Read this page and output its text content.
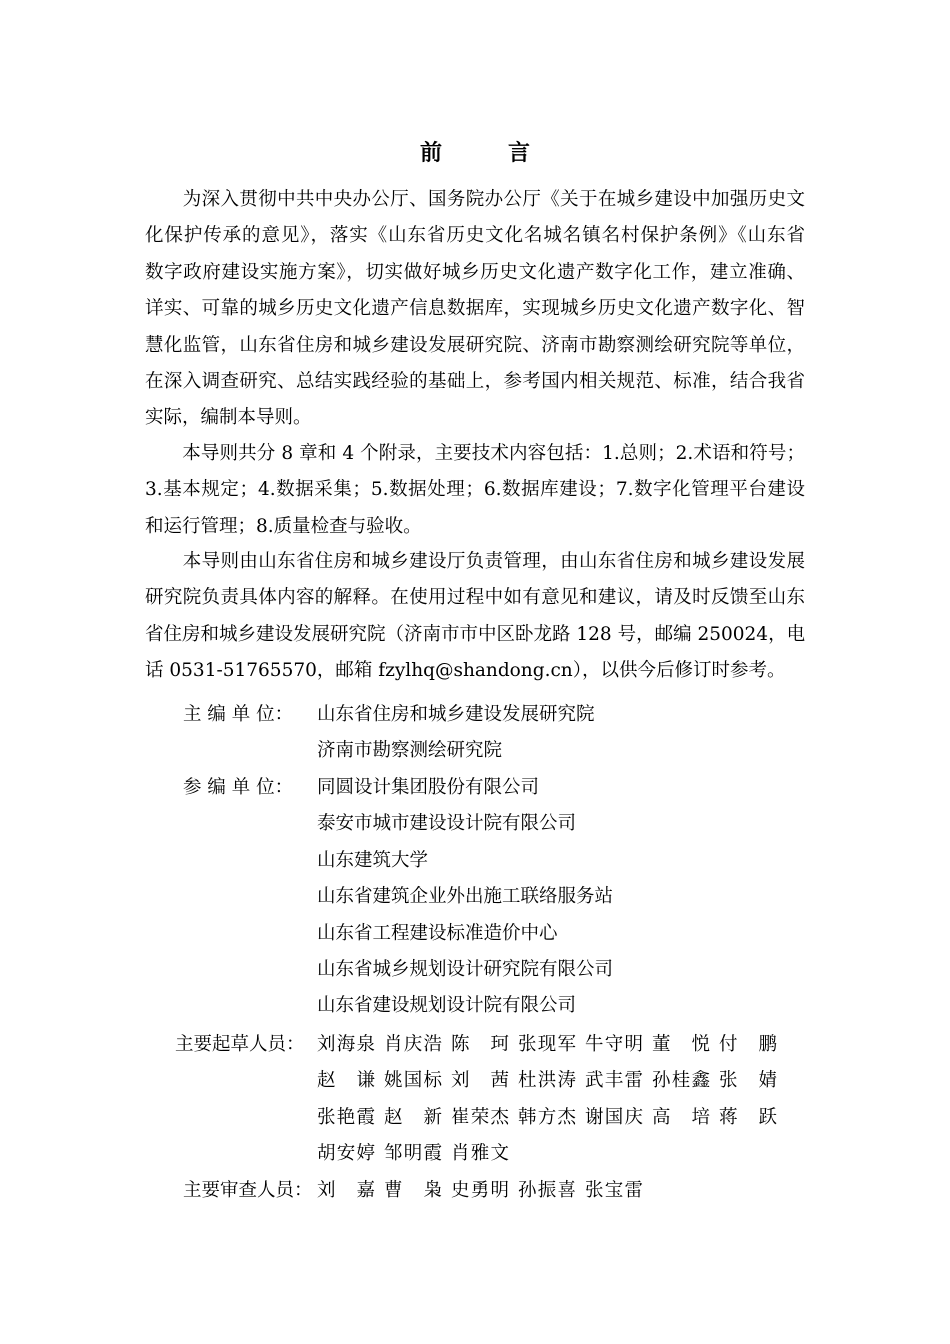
前　言
　　为深入贯彻中共中央办公厅、国务院办公厅《关于在城乡建设中加强历史文
化保护传承的意见》，落实《山东省历史文化名城名镇名村保护条例》《山东省
数字政府建设实施方案》，切实做好城乡历史文化遗产数字化工作，建立准确、
详实、可靠的城乡历史文化遗产信息数据库，实现城乡历史文化遗产数字化、智
慧化监管，山东省住房和城乡建设发展研究院、济南市勘察测绘研究院等单位，
在深入调查研究、总结实践经验的基础上，参考国内相关规范、标准，结合我省
实际，编制本导则。
　　本导则共分 8 章和 4 个附录，主要技术内容包括：1.总则；2.术语和符号；
3.基本规定；4.数据采集；5.数据处理；6.数据库建设；7.数字化管理平台建设
和运行管理；8.质量检查与验收。
　　本导则由山东省住房和城乡建设厅负责管理，由山东省住房和城乡建设发展
研究院负责具体内容的解释。在使用过程中如有意见和建议，请及时反馈至山东
省住房和城乡建设发展研究院（济南市市中区卧龙路 128 号，邮编 250024，电
话 0531-51765570，邮箱 fzylhq@shandong.cn），以供今后修订时参考。
主 编 单 位： 山东省住房和城乡建设发展研究院
济南市勘察测绘研究院
参 编 单 位： 同圆设计集团股份有限公司
泰安市城市建设设计院有限公司
山东建筑大学
山东省建筑企业外出施工联络服务站
山东省工程建设标准造价中心
山东省城乡规划设计研究院有限公司
山东省建设规划设计院有限公司
主要起草人员： 刘海泉 肖庆浩 陈　珂 张现军 牛守明 董　悦 付　鹏
赵　谦 姚国标 刘　茜 杜洪涛 武丰雷 孙桂鑫 张　婧
张艳霞 赵　新 崔荣杰 韩方杰 谢国庆 高　培 蒋　跃
胡安婷 邹明霞 肖雅文
主要审查人员： 刘　嘉 曹　枭 史勇明 孙振喜 张宝雷
